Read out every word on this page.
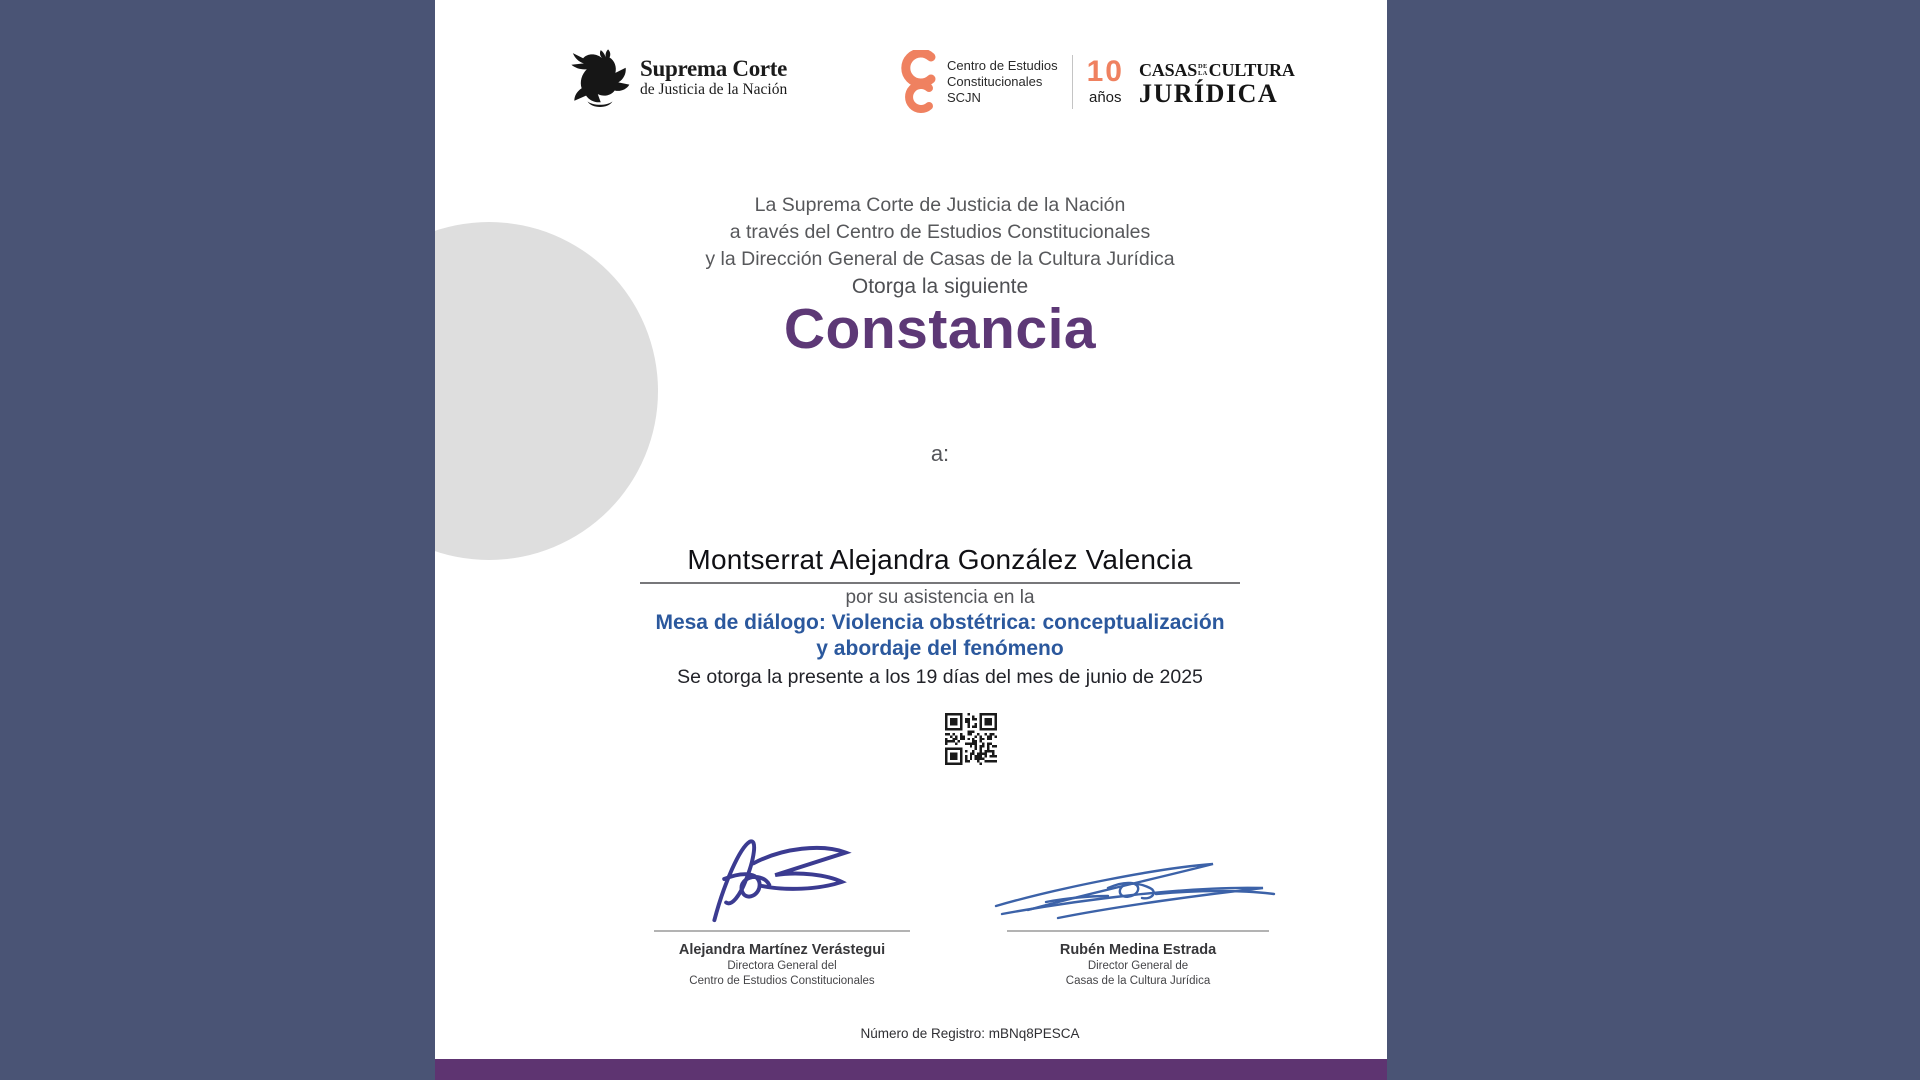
Suprema Corte
de Justicia de la Nación
Centro de Estudios
Constitucionales
SCJN
10
años
CASAS DE
LA CULTURA
JURÍDICA
La Suprema Corte de Justicia de la Nación
a través del Centro de Estudios Constitucionales
y la Dirección General de Casas de la Cultura Jurídica
Otorga la siguiente
Constancia
a:
Montserrat Alejandra González Valencia
por su asistencia en la
Mesa de diálogo: Violencia obstétrica: conceptualización
y abordaje del fenómeno
Se otorga la presente a los 19 días del mes de junio de 2025
Alejandra Martínez Verástegui
Directora General del
Centro de Estudios Constitucionales
Rubén Medina Estrada
Director General de
Casas de la Cultura Jurídica
Número de Registro: mBNq8PESCA
